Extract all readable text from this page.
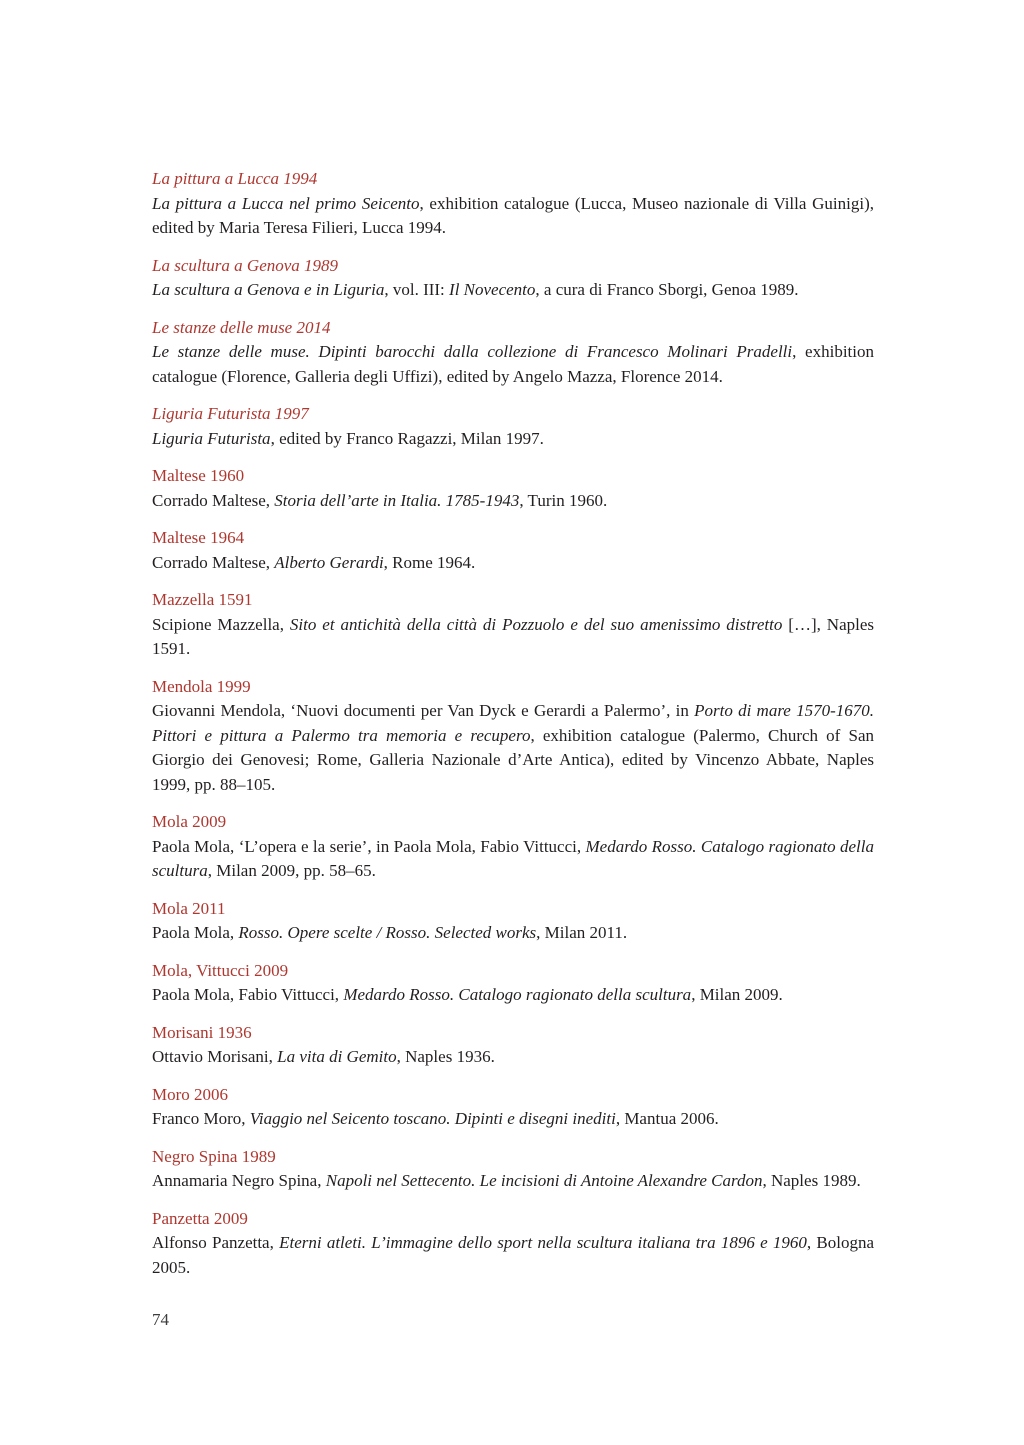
La pittura a Lucca 1994
La pittura a Lucca nel primo Seicento, exhibition catalogue (Lucca, Museo nazionale di Villa Guinigi), edited by Maria Teresa Filieri, Lucca 1994.
La scultura a Genova 1989
La scultura a Genova e in Liguria, vol. III: Il Novecento, a cura di Franco Sborgi, Genoa 1989.
Le stanze delle muse 2014
Le stanze delle muse. Dipinti barocchi dalla collezione di Francesco Molinari Pradelli, exhibition catalogue (Florence, Galleria degli Uffizi), edited by Angelo Mazza, Florence 2014.
Liguria Futurista 1997
Liguria Futurista, edited by Franco Ragazzi, Milan 1997.
Maltese 1960
Corrado Maltese, Storia dell’arte in Italia. 1785-1943, Turin 1960.
Maltese 1964
Corrado Maltese, Alberto Gerardi, Rome 1964.
Mazzella 1591
Scipione Mazzella, Sito et antichità della città di Pozzuolo e del suo amenissimo distretto […], Naples 1591.
Mendola 1999
Giovanni Mendola, ‘Nuovi documenti per Van Dyck e Gerardi a Palermo’, in Porto di mare 1570-1670. Pittori e pittura a Palermo tra memoria e recupero, exhibition catalogue (Palermo, Church of San Giorgio dei Genovesi; Rome, Galleria Nazionale d’Arte Antica), edited by Vincenzo Abbate, Naples 1999, pp. 88–105.
Mola 2009
Paola Mola, ‘L’opera e la serie’, in Paola Mola, Fabio Vittucci, Medardo Rosso. Catalogo ragionato della scultura, Milan 2009, pp. 58–65.
Mola 2011
Paola Mola, Rosso. Opere scelte / Rosso. Selected works, Milan 2011.
Mola, Vittucci 2009
Paola Mola, Fabio Vittucci, Medardo Rosso. Catalogo ragionato della scultura, Milan 2009.
Morisani 1936
Ottavio Morisani, La vita di Gemito, Naples 1936.
Moro 2006
Franco Moro, Viaggio nel Seicento toscano. Dipinti e disegni inediti, Mantua 2006.
Negro Spina 1989
Annamaria Negro Spina, Napoli nel Settecento. Le incisioni di Antoine Alexandre Cardon, Naples 1989.
Panzetta 2009
Alfonso Panzetta, Eterni atleti. L’immagine dello sport nella scultura italiana tra 1896 e 1960, Bologna 2005.
74
